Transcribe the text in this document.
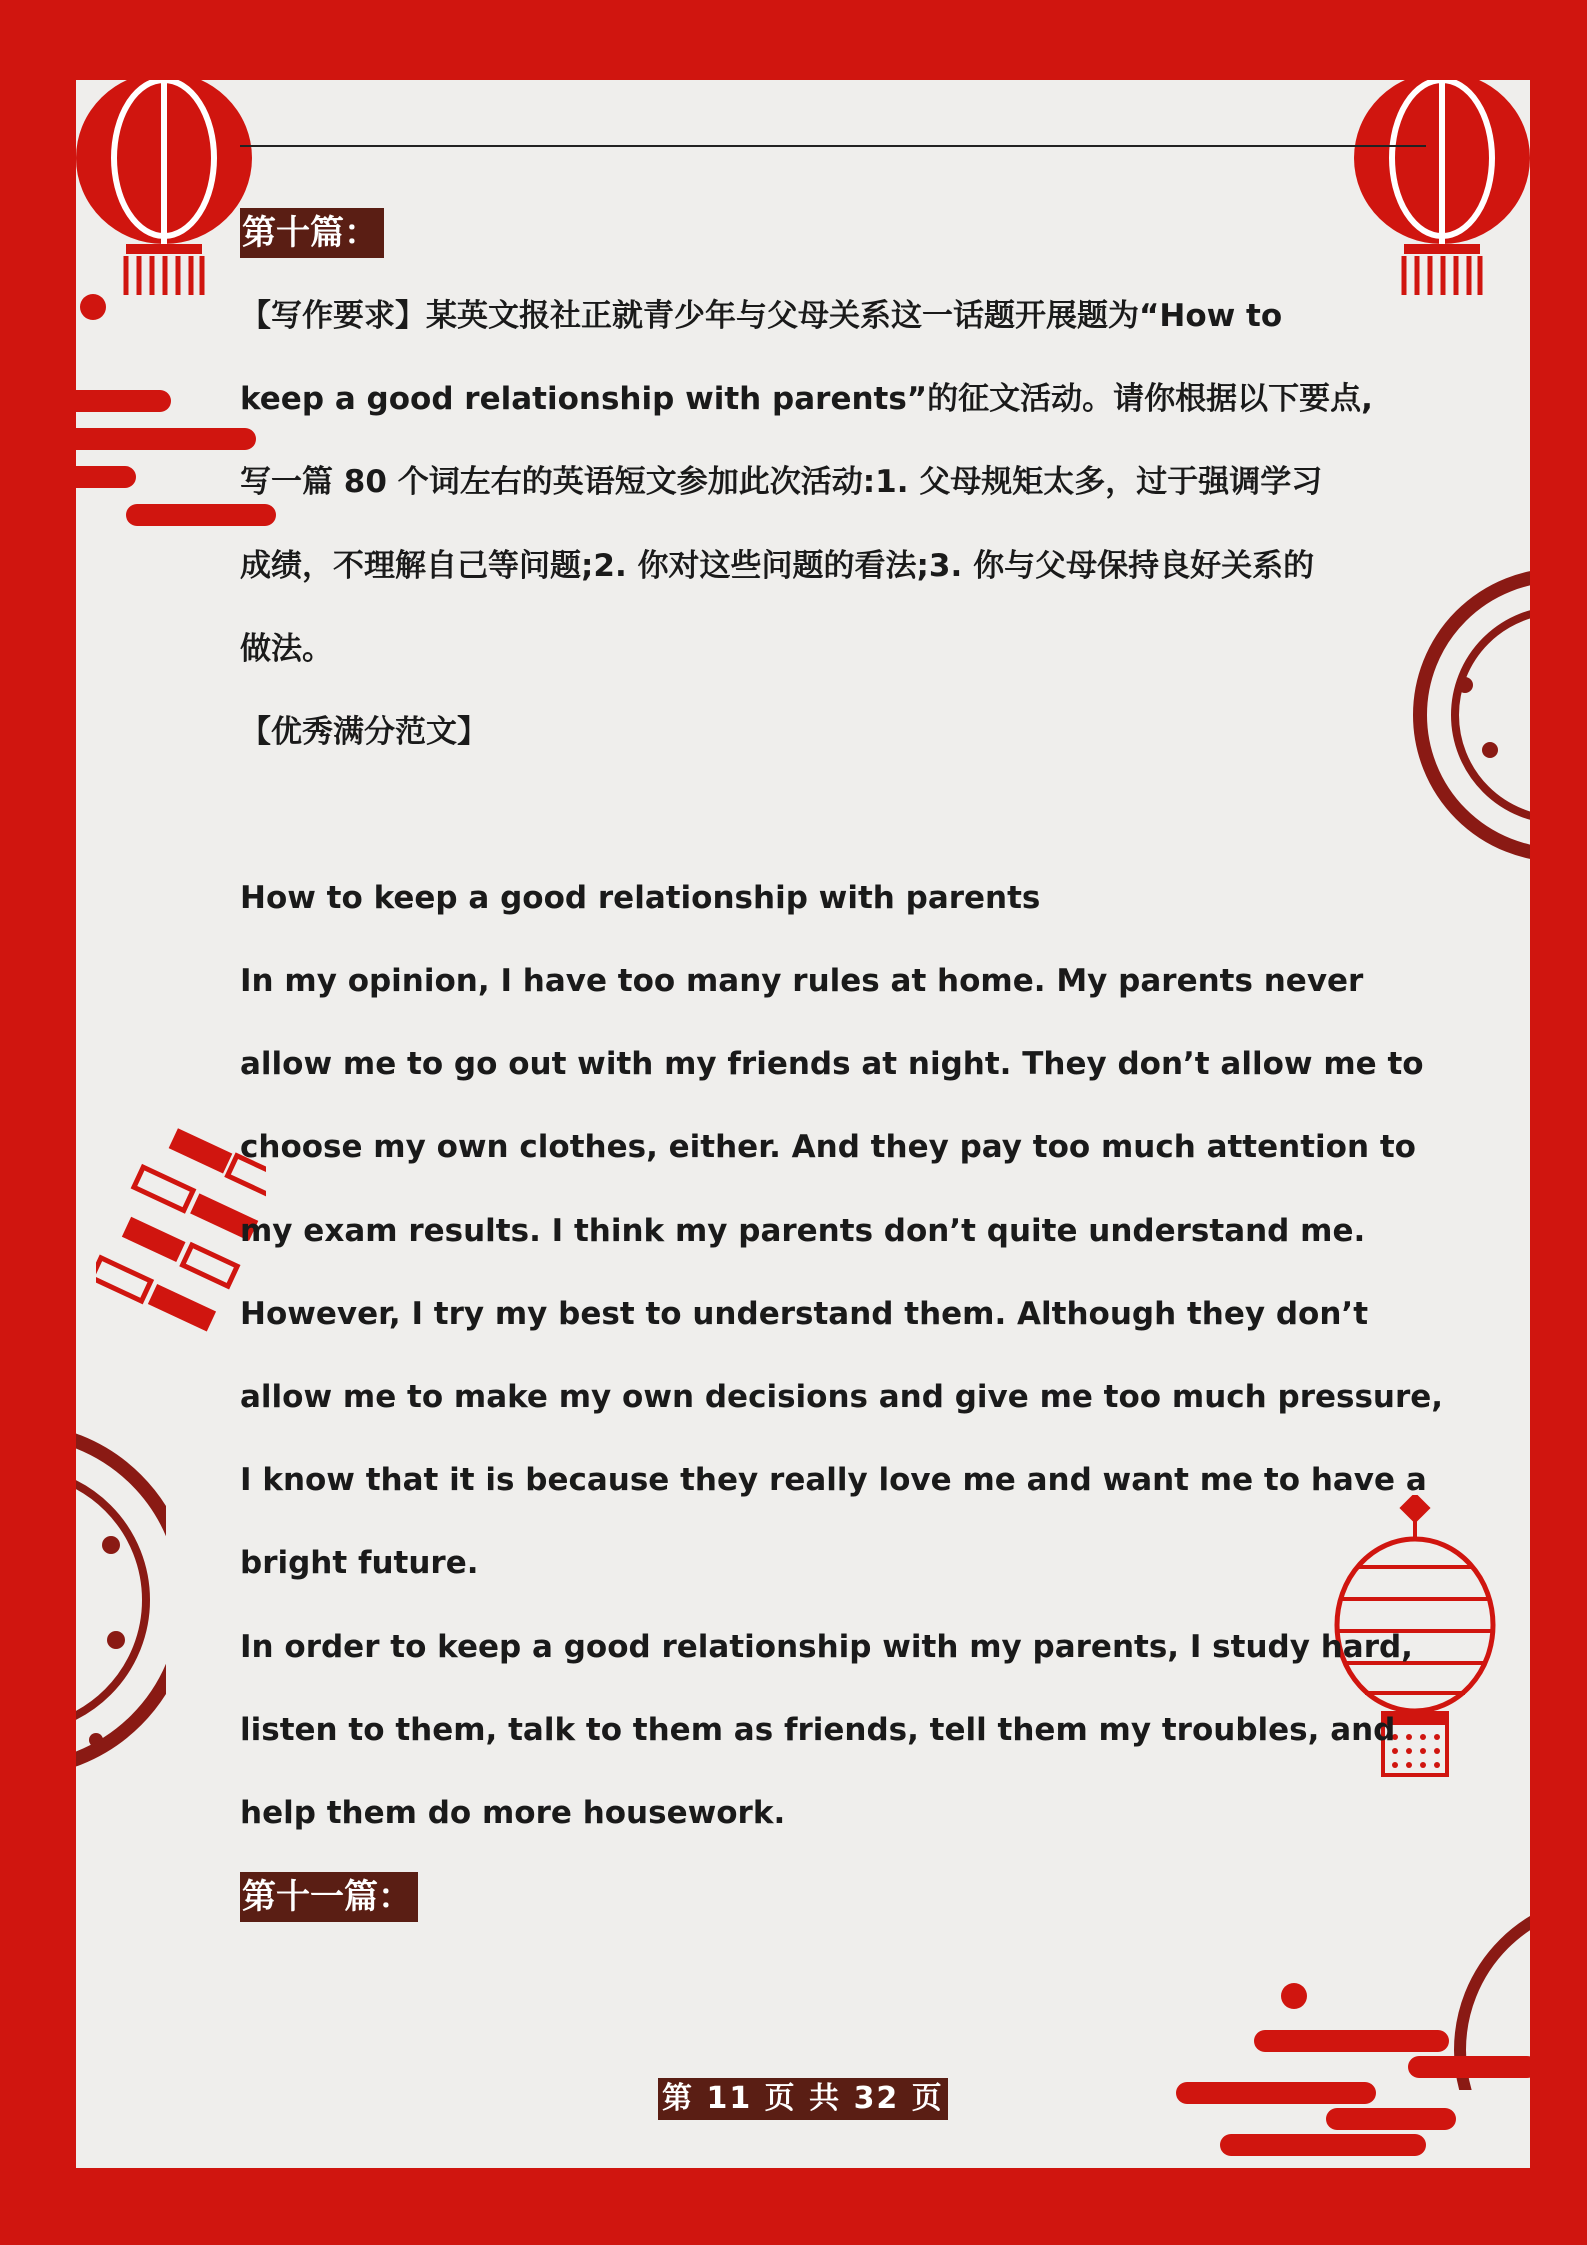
第十篇：

【写作要求】某英文报社正就青少年与父母关系这一话题开展题为“How to
keep a good relationship with parents”的征文活动。请你根据以下要点,
写一篇 80 个词左右的英语短文参加此次活动:1. 父母规矩太多，过于强调学习
成绩，不理解自己等问题;2. 你对这些问题的看法;3. 你与父母保持良好关系的
做法。

【优秀满分范文】

How to keep a good relationship with parents

In my opinion, I have too many rules at home. My parents never
allow me to go out with my friends at night. They don’t allow me to
choose my own clothes, either. And they pay too much attention to
my exam results. I think my parents don’t quite understand me.
However, I try my best to understand them. Although they don’t
allow me to make my own decisions and give me too much pressure,
I know that it is because they really love me and want me to have a
bright future.
In order to keep a good relationship with my parents, I study hard,
listen to them, talk to them as friends, tell them my troubles, and
help them do more housework.

第十一篇：
第 11 页 共 32 页
